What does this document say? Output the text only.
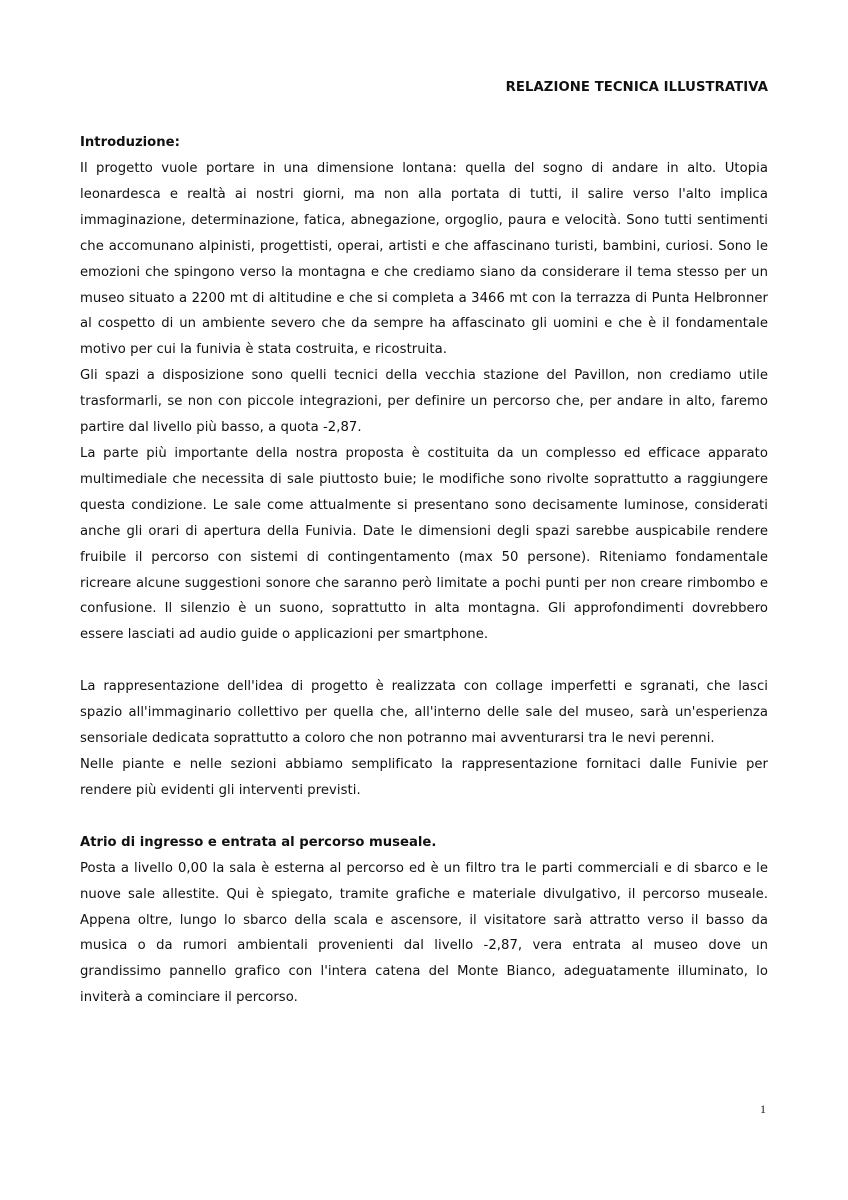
RELAZIONE TECNICA ILLUSTRATIVA
Introduzione:

Il progetto vuole portare in una dimensione lontana: quella del sogno di andare in alto. Utopia leonardesca e realtà ai nostri giorni, ma non alla portata di tutti, il salire verso l'alto implica immaginazione, determinazione, fatica, abnegazione, orgoglio, paura e velocità. Sono tutti sentimenti che accomunano alpinisti, progettisti, operai, artisti e che affascinano turisti, bambini, curiosi. Sono le emozioni che spingono verso la montagna e che crediamo siano da considerare il tema stesso per un museo situato a 2200 mt di altitudine e che si completa a 3466 mt con la terrazza di Punta Helbronner al cospetto di un ambiente severo che da sempre ha affascinato gli uomini e che è il fondamentale motivo per cui la funivia è stata costruita, e ricostruita.

Gli spazi a disposizione sono quelli tecnici della vecchia stazione del Pavillon, non crediamo utile trasformarli, se non con piccole integrazioni, per definire un percorso che, per andare in alto, faremo partire dal livello più basso, a quota -2,87.

La parte più importante della nostra proposta è costituita da un complesso ed efficace apparato multimediale che necessita di sale piuttosto buie; le modifiche sono rivolte soprattutto a raggiungere questa condizione. Le sale come attualmente si presentano sono decisamente luminose, considerati anche gli orari di apertura della Funivia. Date le dimensioni degli spazi sarebbe auspicabile rendere fruibile il percorso con sistemi di contingentamento (max 50 persone). Riteniamo fondamentale ricreare alcune suggestioni sonore che saranno però limitate a pochi punti per non creare rimbombo e confusione. Il silenzio è un suono, soprattutto in alta montagna. Gli approfondimenti dovrebbero essere lasciati ad audio guide o applicazioni per smartphone.

La rappresentazione dell'idea di progetto è realizzata con collage imperfetti e sgranati, che lasci spazio all'immaginario collettivo per quella che, all'interno delle sale del museo, sarà un'esperienza sensoriale dedicata soprattutto a coloro che non potranno mai avventurarsi tra le nevi perenni.

Nelle piante e nelle sezioni abbiamo semplificato la rappresentazione fornitaci dalle Funivie per rendere più evidenti gli interventi previsti.

Atrio di ingresso e entrata al percorso museale.

Posta a livello 0,00 la sala è esterna al percorso ed è un filtro tra le parti commerciali e di sbarco e le nuove sale allestite. Qui è spiegato, tramite grafiche e materiale divulgativo, il percorso museale. Appena oltre, lungo lo sbarco della scala e ascensore, il visitatore sarà attratto verso il basso da musica o da rumori ambientali provenienti dal livello -2,87, vera entrata al museo dove un grandissimo pannello grafico con l'intera catena del Monte Bianco, adeguatamente illuminato, lo inviterà a cominciare il percorso.

1
